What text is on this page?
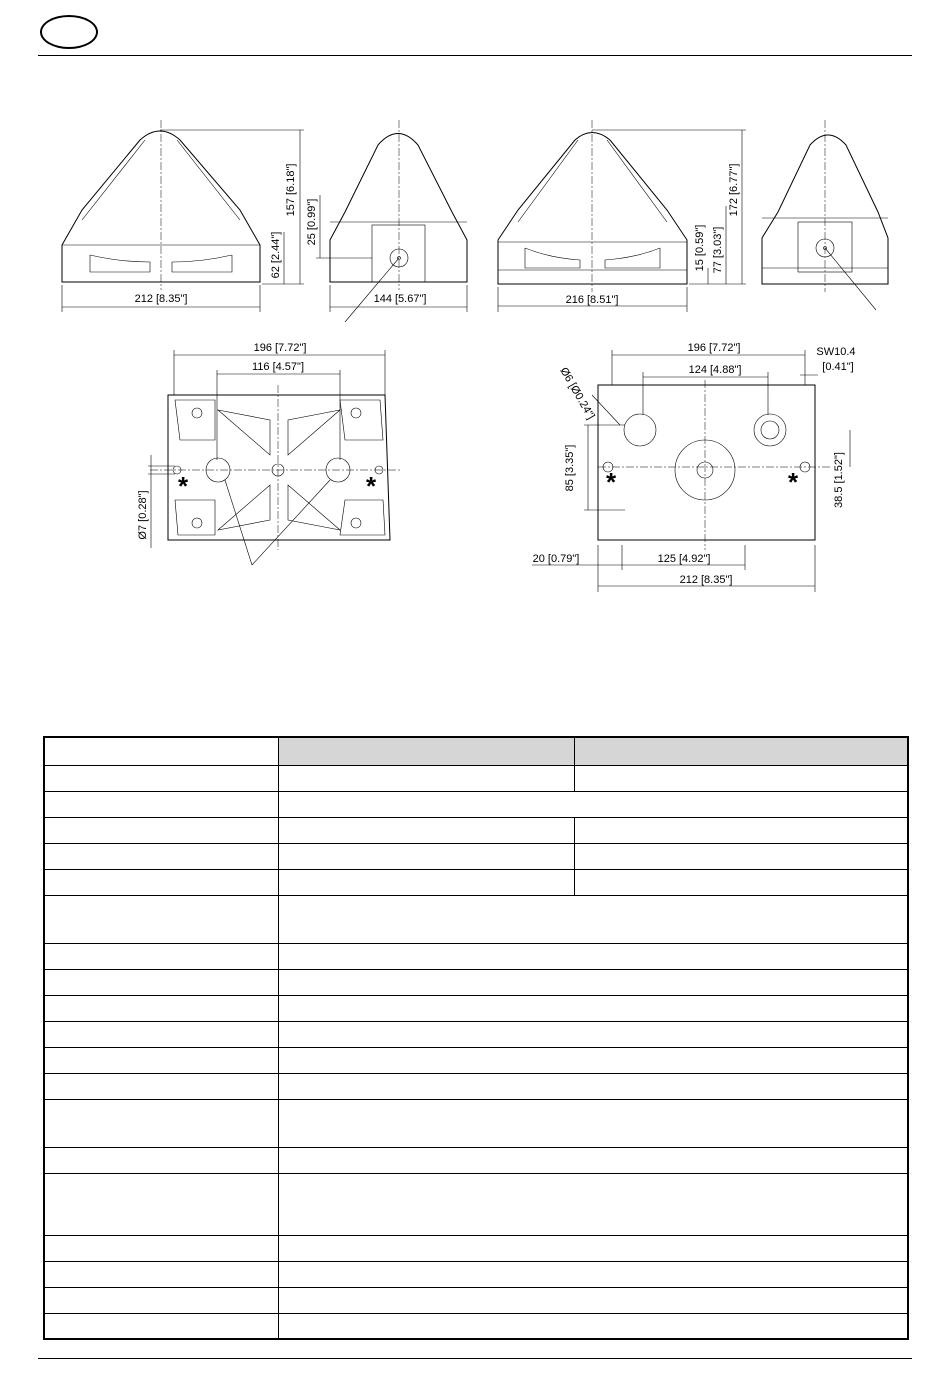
212 [8.35"]
157 [6.18"]
62 [2.44"]
144 [5.67"]
25 [0.99"]
216 [8.51"]
172 [6.77"]
77 [3.03"]
15 [0.59"]
196 [7.72"]
116 [4.57"]
Ø7 [0.28"]
*	*
196 [7.72"]
124 [4.88"]
Ø6 [Ø0.24"]
SW10.4
[0.41"]
85 [3.35"]	38.5 [1.52"]
*	*
20 [0.79"]	125 [4.92"]
212 [8.35"]
